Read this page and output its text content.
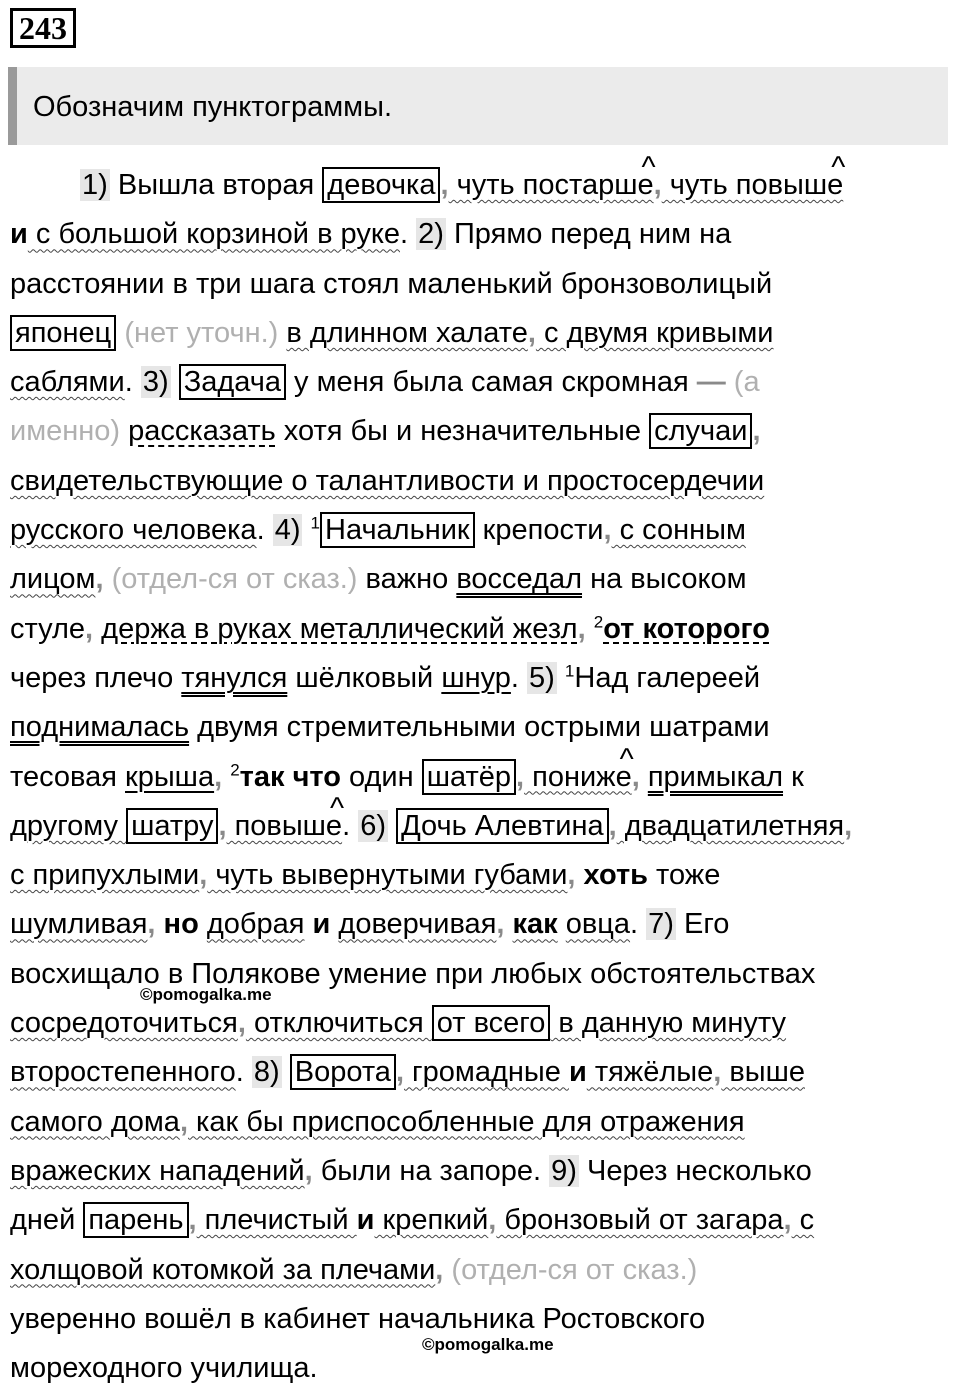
243
Обозначим пунктограммы.
1) Вышла вторая девочка , чуть постарше ^, чуть повыше ^
и с большой корзиной в руке. 2) Прямо перед ним на
расстоянии в три шага стоял маленький бронзоволицый
японец (нет уточн.) в длинном халате, с двумя кривыми
саблями. 3) Задача у меня была самая скромная — (а
именно) рассказать хотя бы и незначительные случаи ,
свидетельствующие о талантливости и простосердечии
русского человека. 4) $^1$ Начальник крепости, с сонным
лицом, (отдел-ся от сказ.) важно восседал на высоком
стуле, держа в руках металлический жезл, $^2$от которого
через плечо тянулся шёлковый шнур. 5) $^1$Над галереей
поднималась двумя стремительными острыми шатрами
тесовая крыша, $^2$так что один шатёр , пониже ^, примыкал к
другому шатру , повыше ^. 6) Дочь Алевтина , двадцатилетняя,
с припухлыми, чуть вывернутыми губами, хоть тоже
шумливая, но добрая и доверчивая, как овца. 7) Его
восхищало в Полякове умение при любых обстоятельствах
сосредоточиться, отключиться от всего в данную минуту
второстепенного. 8) Ворота , громадные и тяжёлые, выше
самого дома, как бы приспособленные для отражения
вражеских нападений, были на запоре. 9) Через несколько
дней парень , плечистый и крепкий, бронзовый от загара, с
холщовой котомкой за плечами, (отдел-ся от сказ.)
уверенно вошёл в кабинет начальника Ростовского
мореходного училища.
©pomogalka.me
©pomogalka.me
